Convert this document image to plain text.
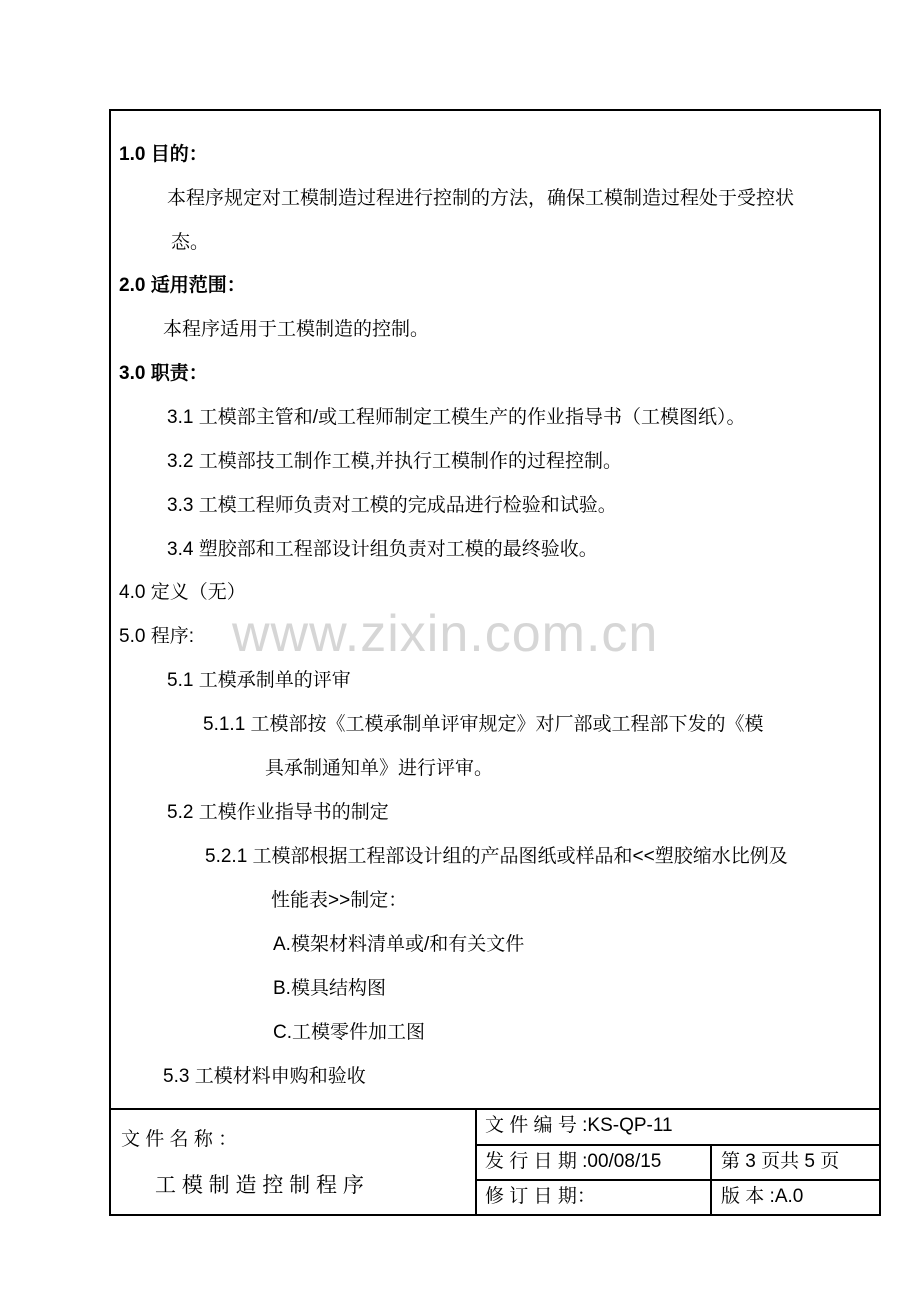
www.zixin.com.cn
1.0 目的：
本程序规定对工模制造过程进行控制的方法，确保工模制造过程处于受控状
态。
2.0 适用范围：
本程序适用于工模制造的控制。
3.0 职责：
3.1 工模部主管和/或工程师制定工模生产的作业指导书（工模图纸）。
3.2 工模部技工制作工模,并执行工模制作的过程控制。
3.3 工模工程师负责对工模的完成品进行检验和试验。
3.4 塑胶部和工程部设计组负责对工模的最终验收。
4.0 定义（无）
5.0 程序:
5.1 工模承制单的评审
5.1.1 工模部按《工模承制单评审规定》对厂部或工程部下发的《模
具承制通知单》进行评审。
5.2 工模作业指导书的制定
5.2.1 工模部根据工程部设计组的产品图纸或样品和<<塑胶缩水比例及
性能表>>制定：
A.模架材料清单或/和有关文件
B.模具结构图
C.工模零件加工图
5.3 工模材料申购和验收
文 件 名 称 ：
工 模 制 造 控 制 程 序
文 件 编 号 :KS-QP-11
发 行 日 期 :00/08/15	第 3 页共 5 页
修 订 日 期：	版 本 :A.0
